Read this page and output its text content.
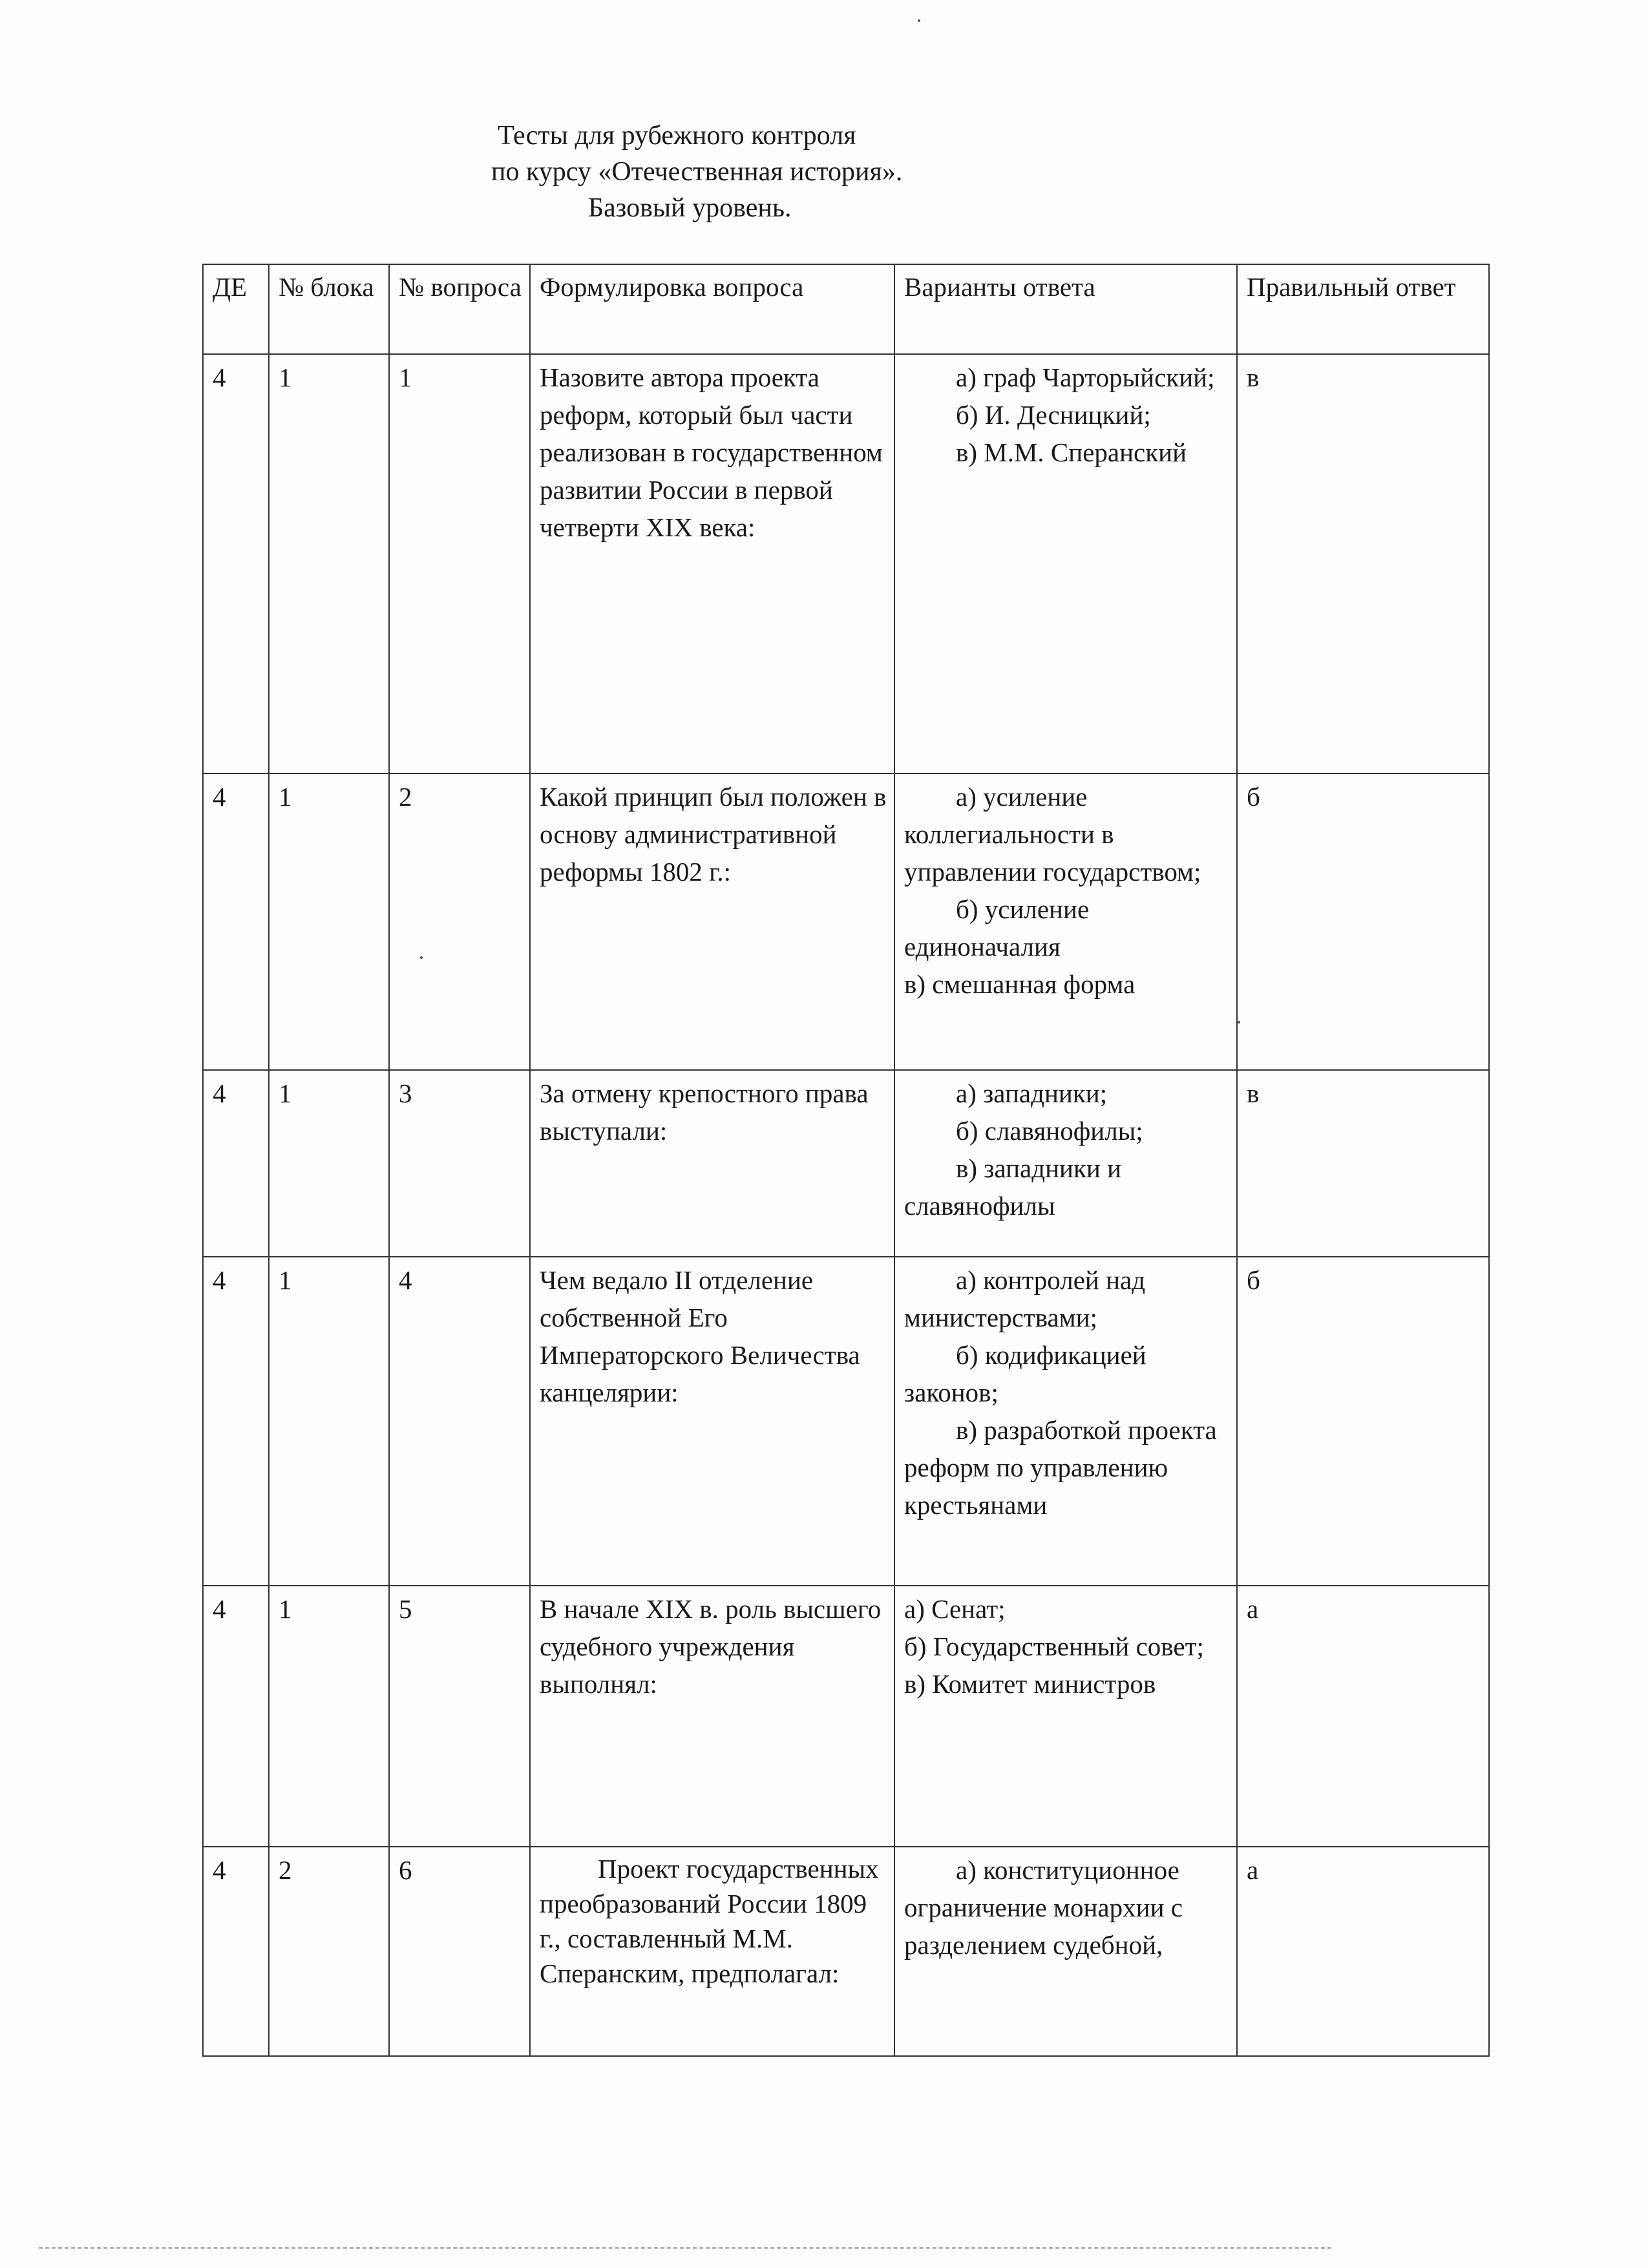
Тесты для рубежного контроля
по курсу «Отечественная история».
Базовый уровень.
ДЕ	№ блока	№ вопроса	Формулировка вопроса	Варианты ответа	Правильный ответ
4	1	1	Назовите автора проекта реформ, который был части реализован в государственном развитии России в первой четверти XIX века:	а) граф Чарторыйский;
б) И. Десницкий;
в) М.М. Сперанский	в
4	1	2	Какой принцип был положен в основу административной реформы 1802 г.:	а) усиление коллегиальности в управлении государством;
б) усиление единоначалия
в) смешанная форма	б
4	1	3	За отмену крепостного права выступали:	а) западники;
б) славянофилы;
в) западники и славянофилы	в
4	1	4	Чем ведало II отделение собственной Его Императорского Величества канцелярии:	а) контролей над министерствами;
б) кодификацией законов;
в) разработкой проекта реформ по управлению крестьянами	б
4	1	5	В начале XIX в. роль высшего судебного учреждения выполнял:	а) Сенат;
б) Государственный совет;
в) Комитет министров	а
4	2	6	Проект государственных преобразований России 1809 г., составленный М.М. Сперанским, предполагал:	а) конституционное ограничение монархии с разделением судебной,	а
